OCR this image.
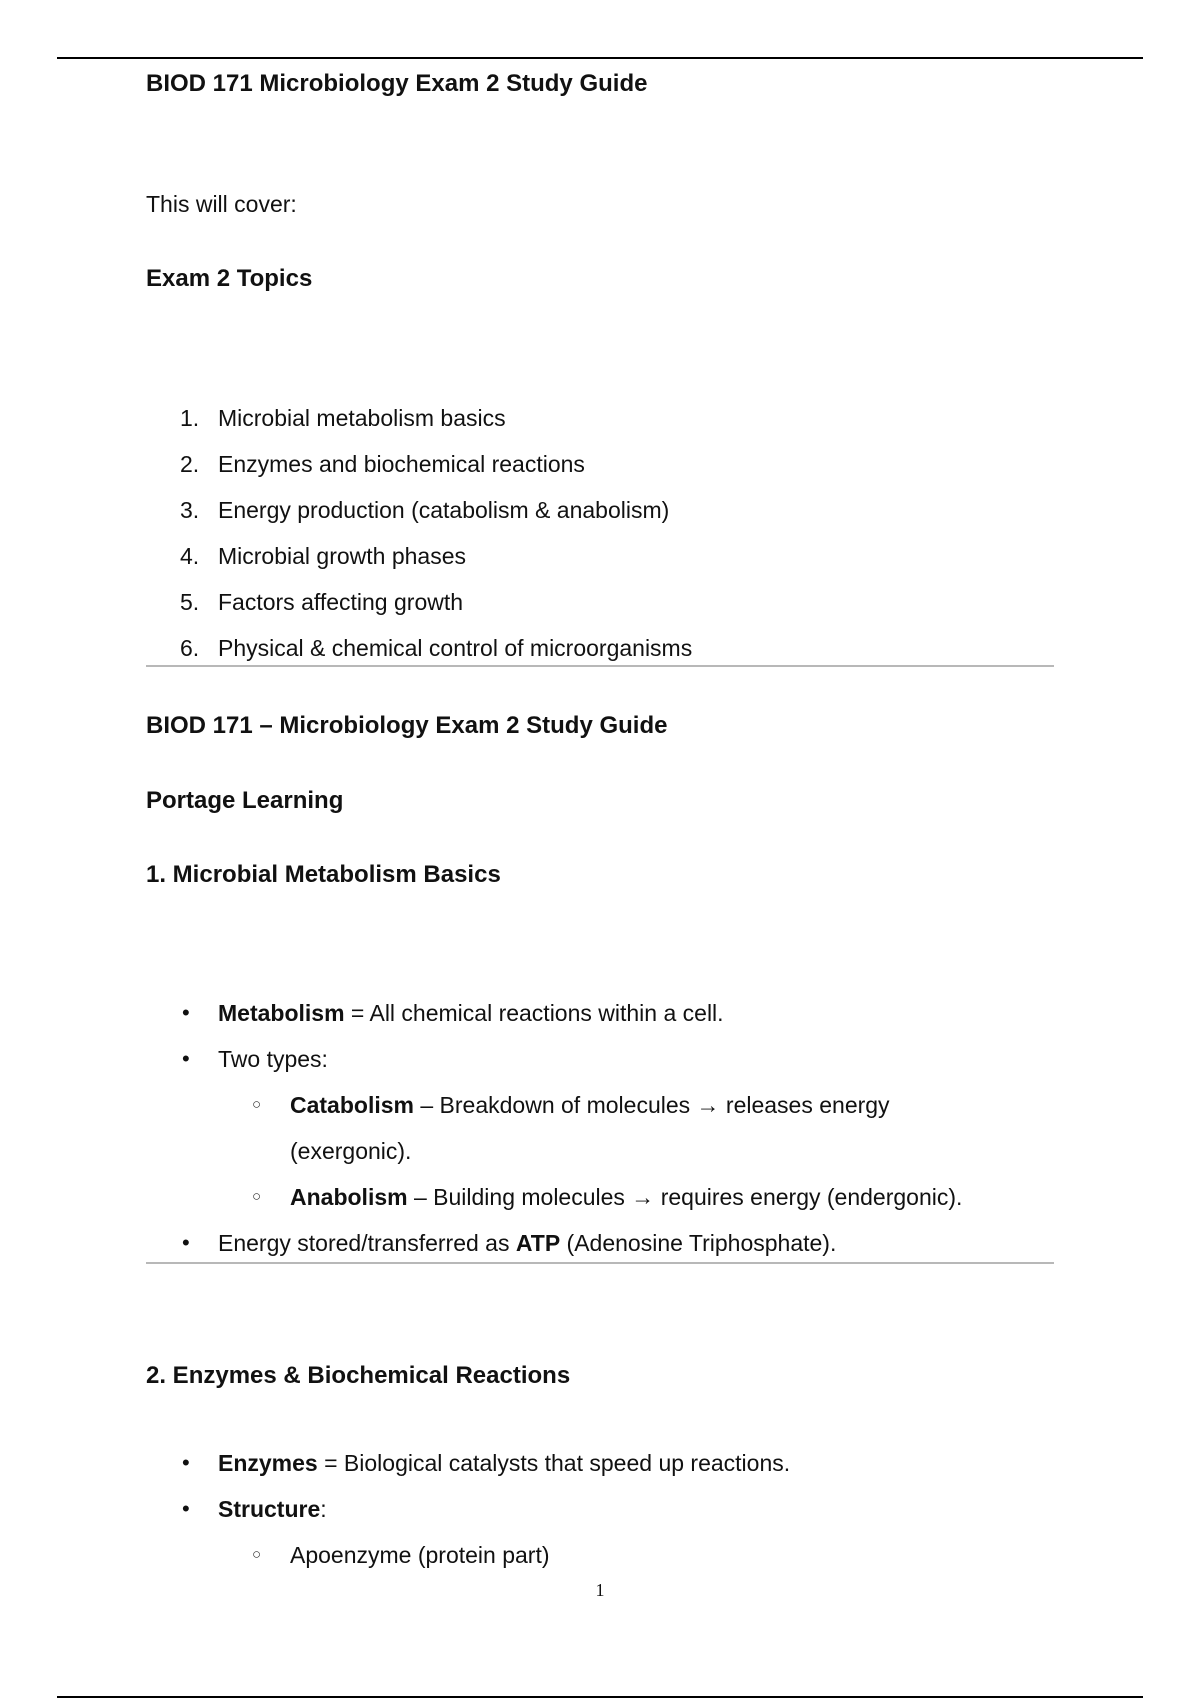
BIOD 171 Microbiology Exam 2 Study Guide

This will cover:

Exam 2 Topics
1. Microbial metabolism basics
2. Enzymes and biochemical reactions
3. Energy production (catabolism & anabolism)
4. Microbial growth phases
5. Factors affecting growth
6. Physical & chemical control of microorganisms
BIOD 171 – Microbiology Exam 2 Study Guide
Portage Learning
1. Microbial Metabolism Basics
• Metabolism = All chemical reactions within a cell.
• Two types:
○ Catabolism – Breakdown of molecules → releases energy (exergonic).
○ Anabolism – Building molecules → requires energy (endergonic).
• Energy stored/transferred as ATP (Adenosine Triphosphate).
2. Enzymes & Biochemical Reactions
• Enzymes = Biological catalysts that speed up reactions.
• Structure:
○ Apoenzyme (protein part)
1
